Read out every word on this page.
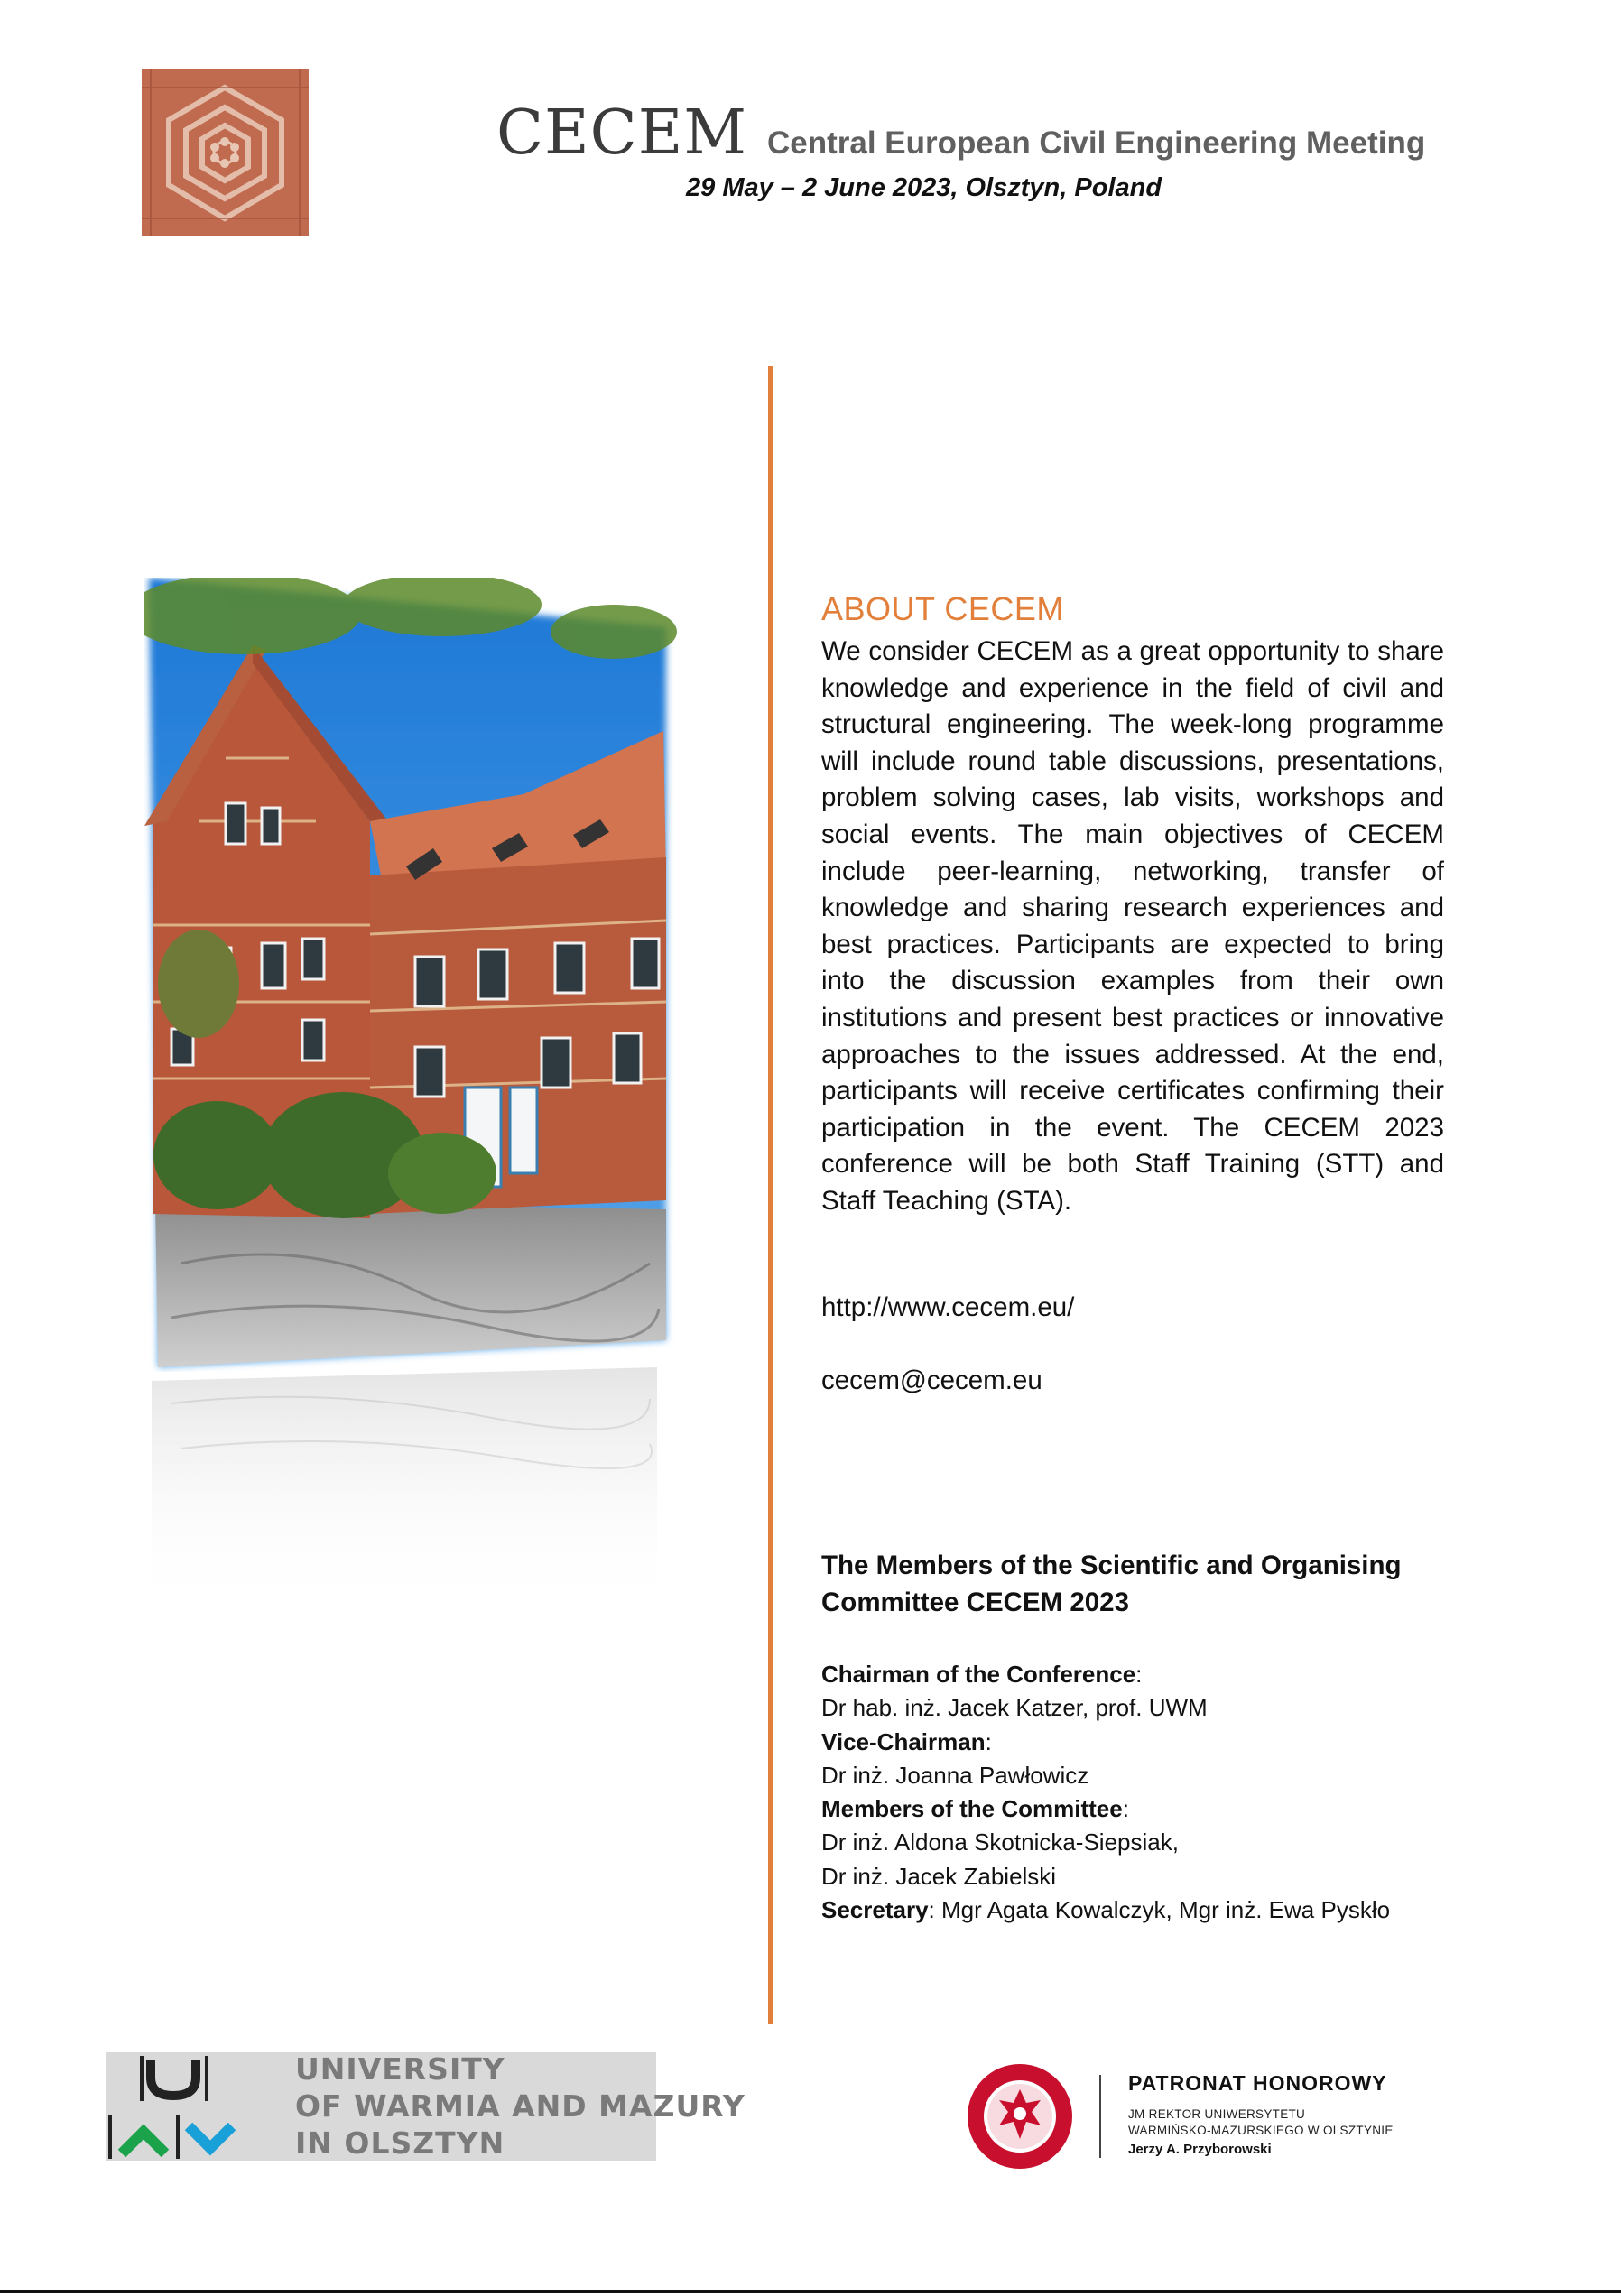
CECEM Central European Civil Engineering Meeting
29 May – 2 June 2023, Olsztyn, Poland
ABOUT CECEM
We consider CECEM as a great opportunity to share knowledge and experience in the field of civil and structural engineering. The week-long programme will include round table discussions, presentations, problem solving cases, lab visits, workshops and social events. The main objectives of CECEM include peer-learning, networking, transfer of knowledge and sharing research experiences and best practices. Participants are expected to bring into the discussion examples from their own institutions and present best practices or innovative approaches to the issues addressed. At the end, participants will receive certificates confirming their participation in the event. The CECEM 2023 conference will be both Staff Training (STT) and Staff Teaching (STA).
http://www.cecem.eu/
cecem@cecem.eu
The Members of the Scientific and Organising Committee CECEM 2023
Chairman of the Conference:
Dr hab. inż. Jacek Katzer, prof. UWM
Vice-Chairman:
Dr inż. Joanna Pawłowicz
Members of the Committee:
Dr inż. Aldona Skotnicka-Siepsiak,
Dr inż. Jacek Zabielski
Secretary: Mgr Agata Kowalczyk, Mgr inż. Ewa Pyskło
UNIVERSITY
OF WARMIA AND MAZURY
IN OLSZTYN
PATRONAT HONOROWY
JM REKTOR UNIWERSYTETU
WARMIŃSKO-MAZURSKIEGO W OLSZTYNIE
Jerzy A. Przyborowski
